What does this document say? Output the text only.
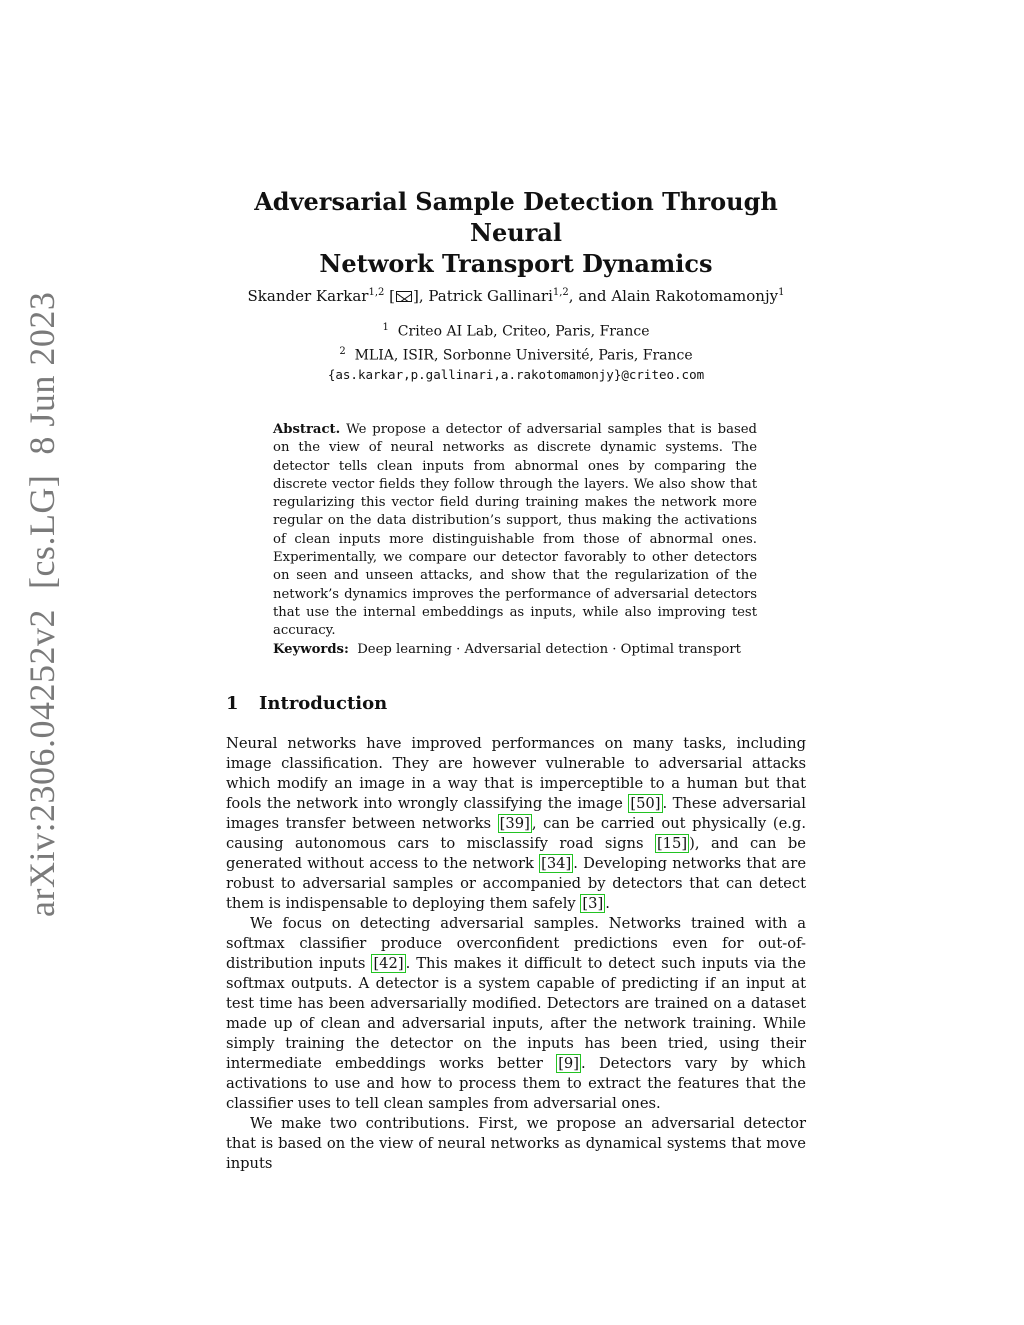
arXiv:2306.04252v2[cs.LG]8 Jun 2023
Adversarial Sample Detection Through Neural
Network Transport Dynamics
Skander Karkar$^{1,2}$ [ ], Patrick Gallinari$^{1,2}$, and Alain Rakotomamonjy$^1$
$^1$ Criteo AI Lab, Criteo, Paris, France
$^2$ MLIA, ISIR, Sorbonne Université, Paris, France
{as.karkar,p.gallinari,a.rakotomamonjy}@criteo.com
Abstract. We propose a detector of adversarial samples that is based on the view of neural networks as discrete dynamic systems. The detector tells clean inputs from abnormal ones by comparing the discrete vector fields they follow through the layers. We also show that regularizing this vector field during training makes the network more regular on the data distribution’s support, thus making the activations of clean inputs more distinguishable from those of abnormal ones. Experimentally, we compare our detector favorably to other detectors on seen and unseen attacks, and show that the regularization of the network’s dynamics improves the performance of adversarial detectors that use the internal embeddings as inputs, while also improving test accuracy.
Keywords: Deep learning · Adversarial detection · Optimal transport
1 Introduction

Neural networks have improved performances on many tasks, including image classification. They are however vulnerable to adversarial attacks which modify an image in a way that is imperceptible to a human but that fools the network into wrongly classifying the image [50] . These adversarial images transfer between networks [39] , can be carried out physically (e.g. causing autonomous cars to misclassify road signs [15] ), and can be generated without access to the network [34] . Developing networks that are robust to adversarial samples or accompanied by detectors that can detect them is indispensable to deploying them safely [3] .

We focus on detecting adversarial samples. Networks trained with a softmax classifier produce overconfident predictions even for out-of-distribution inputs [42] . This makes it difficult to detect such inputs via the softmax outputs. A detector is a system capable of predicting if an input at test time has been adversarially modified. Detectors are trained on a dataset made up of clean and adversarial inputs, after the network training. While simply training the detector on the inputs has been tried, using their intermediate embeddings works better [9] . Detectors vary by which activations to use and how to process them to extract the features that the classifier uses to tell clean samples from adversarial ones.

We make two contributions. First, we propose an adversarial detector that is based on the view of neural networks as dynamical systems that move inputs
